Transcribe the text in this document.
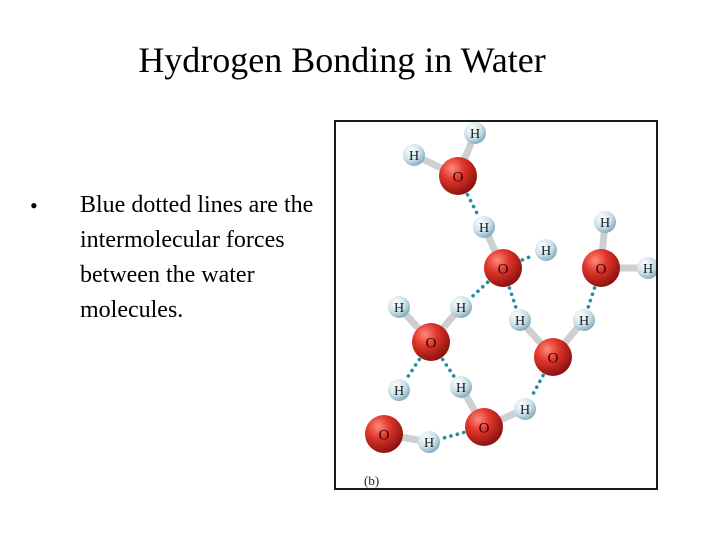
Hydrogen Bonding in Water
•	Blue dotted lines are the intermolecular forces between the water molecules.
O
O	O
O
O
O
O
H
H
H
H
H
H
H	H
H	H
H	H
H
H
(b)
